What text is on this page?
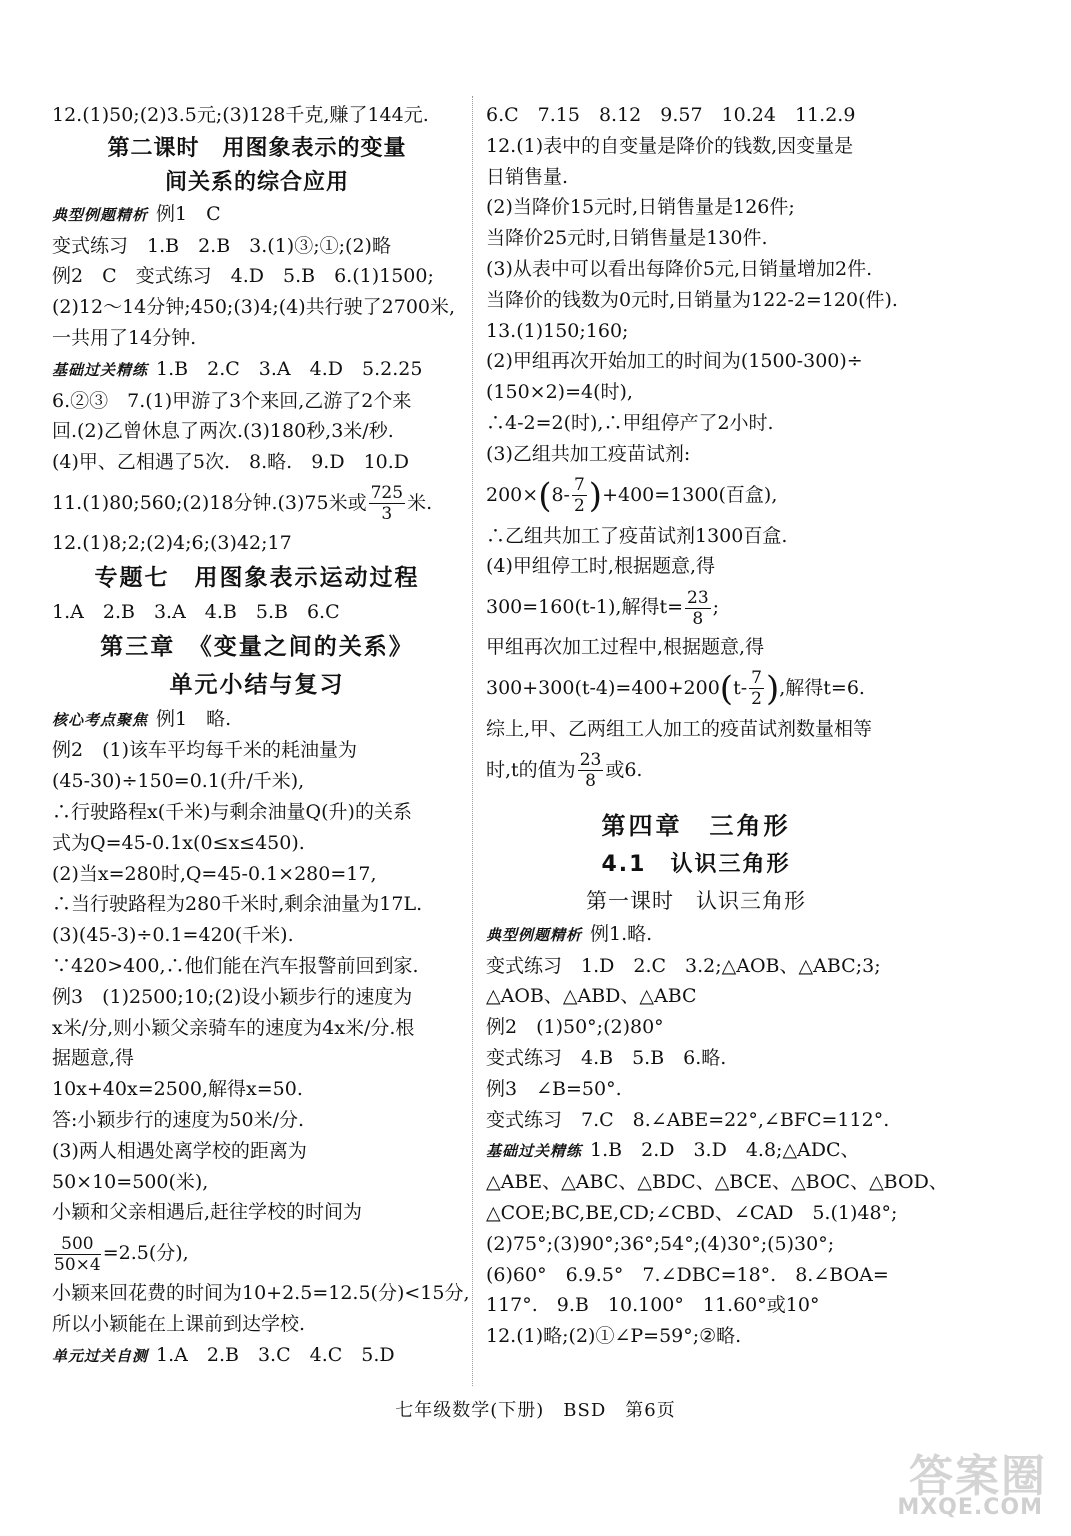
12.(1)50;(2)3.5元;(3)128千克,赚了144元.
第二课时　用图象表示的变量
间关系的综合应用
典型例题精析 例1　C
变式练习　1.B　2.B　3.(1)③;①;(2)略
例2　C　变式练习　4.D　5.B　6.(1)1500;
(2)12～14分钟;450;(3)4;(4)共行驶了2700米,
一共用了14分钟.
基础过关精练 1.B　2.C　3.A　4.D　5.2.25
6.②③　7.(1)甲游了3个来回,乙游了2个来
回.(2)乙曾休息了两次.(3)180秒,3米/秒.
(4)甲、乙相遇了5次.　8.略.　9.D　10.D
11.(1)80;560;(2)18分钟.(3)75米或 $\frac{725}{3}$ 米.
12.(1)8;2;(2)4;6;(3)42;17
专题七　用图象表示运动过程
1.A　2.B　3.A　4.B　5.B　6.C
第三章　《变量之间的关系》
单元小结与复习
核心考点聚焦 例1　略.
例2　(1)该车平均每千米的耗油量为
(45-30)÷150=0.1(升/千米),
∴行驶路程x(千米)与剩余油量Q(升)的关系
式为Q=45-0.1x(0≤x≤450).
(2)当x=280时,Q=45-0.1×280=17,
∴当行驶路程为280千米时,剩余油量为17L.
(3)(45-3)÷0.1=420(千米).
∵420>400,∴他们能在汽车报警前回到家.
例3　(1)2500;10;(2)设小颖步行的速度为
x米/分,则小颖父亲骑车的速度为4x米/分.根
据题意,得
10x+40x=2500,解得x=50.
答:小颖步行的速度为50米/分.
(3)两人相遇处离学校的距离为
50×10=500(米),
小颖和父亲相遇后,赶往学校的时间为
$\frac{500}{50\times 4} =2.5$(分),
小颖来回花费的时间为10+2.5=12.5(分)<15分,
所以小颖能在上课前到达学校.
单元过关自测 1.A　2.B　3.C　4.C　5.D
6.C　7.15　8.12　9.57　10.24　11.2.9
12.(1)表中的自变量是降价的钱数,因变量是
日销售量.
(2)当降价15元时,日销售量是126件;
当降价25元时,日销售量是130件.
(3)从表中可以看出每降价5元,日销量增加2件.
当降价的钱数为0元时,日销量为122-2=120(件).
13.(1)150;160;
(2)甲组再次开始加工的时间为(1500-300)÷
(150×2)=4(时),
∴4-2=2(时),∴甲组停产了2小时.
(3)乙组共加工疫苗试剂:
$200\times(8- \frac{7}{2} )+400=1300$(百盒),
∴乙组共加工了疫苗试剂1300百盒.
(4)甲组停工时,根据题意,得
300=160(t-1),解得$t= \frac{23}{8}$ ;
甲组再次加工过程中,根据题意,得
$300+300(t-4)=400+200(t- \frac{7}{2}$ ),解得t=6.
综上,甲、乙两组工人加工的疫苗试剂数量相等
时,t的值为 $\frac{23}{8}$ 或6.
第四章　三角形
4.1　认识三角形
第一课时　认识三角形
典型例题精析 例1.略.
变式练习　1.D　2.C　3.2;△AOB、△ABC;3;
△AOB、△ABD、△ABC
例2　(1)50°;(2)80°
变式练习　4.B　5.B　6.略.
例3　∠B=50°.
变式练习　7.C　8.∠ABE=22°,∠BFC=112°.
基础过关精练 1.B　2.D　3.D　4.8;△ADC、
△ABE、△ABC、△BDC、△BCE、△BOC、△BOD、
△COE;BC,BE,CD;∠CBD、∠CAD　5.(1)48°;
(2)75°;(3)90°;36°;54°;(4)30°;(5)30°;
(6)60°　6.9.5°　7.∠DBC=18°.　8.∠BOA=
117°.　9.B　10.100°　11.60°或10°
12.(1)略;(2)①∠P=59°;②略.
七年级数学(下册)　BSD　第6页
答案圈
MXQE.COM
